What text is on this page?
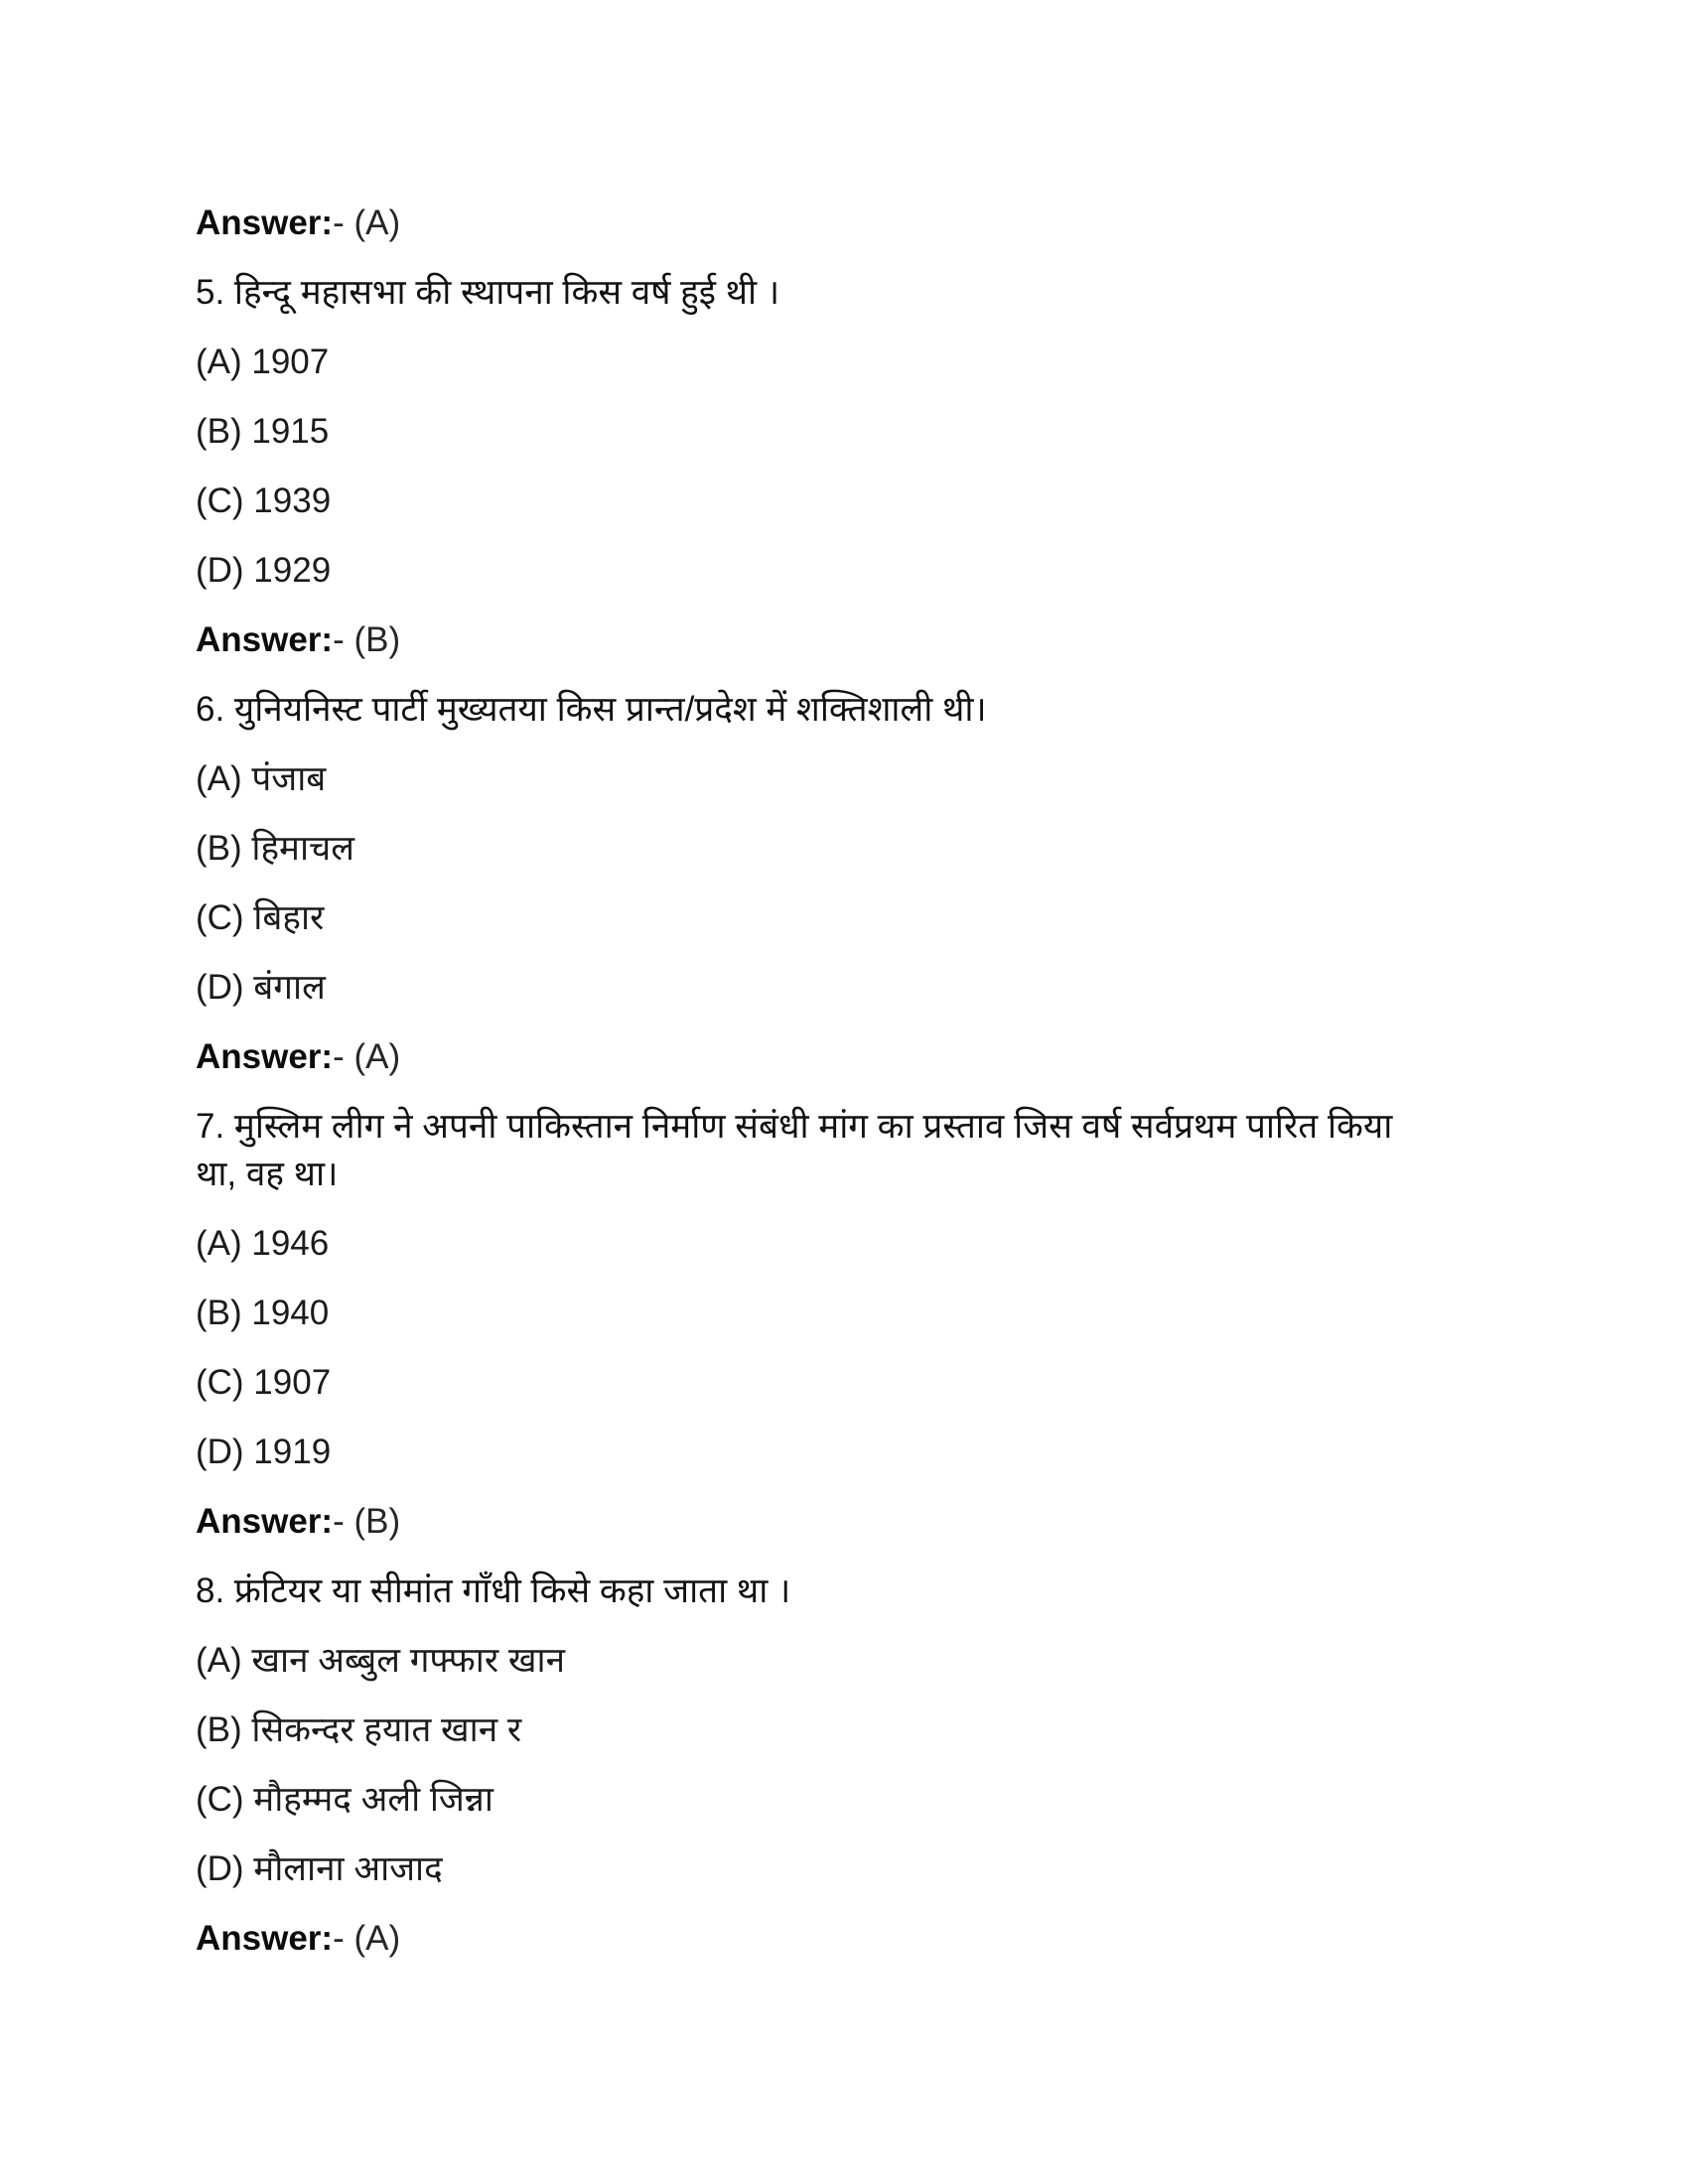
Answer:- (A)

5. हिन्दू महासभा की स्थापना किस वर्ष हुई थी ।

(A) 1907

(B) 1915

(C) 1939

(D) 1929

Answer:- (B)

6. युनियनिस्ट पार्टी मुख्यतया किस प्रान्त/प्रदेश में शक्तिशाली थी।

(A) पंजाब

(B) हिमाचल

(C) बिहार

(D) बंगाल

Answer:- (A)

7. मुस्लिम लीग ने अपनी पाकिस्तान निर्माण संबंधी मांग का प्रस्ताव जिस वर्ष सर्वप्रथम पारित किया था, वह था।

(A) 1946

(B) 1940

(C) 1907

(D) 1919

Answer:- (B)

8. फ्रंटियर या सीमांत गाँधी किसे कहा जाता था ।

(A) खान अब्बुल गफ्फार खान

(B) सिकन्दर हयात खान र

(C) मौहम्मद अली जिन्ना

(D) मौलाना आजाद

Answer:- (A)
